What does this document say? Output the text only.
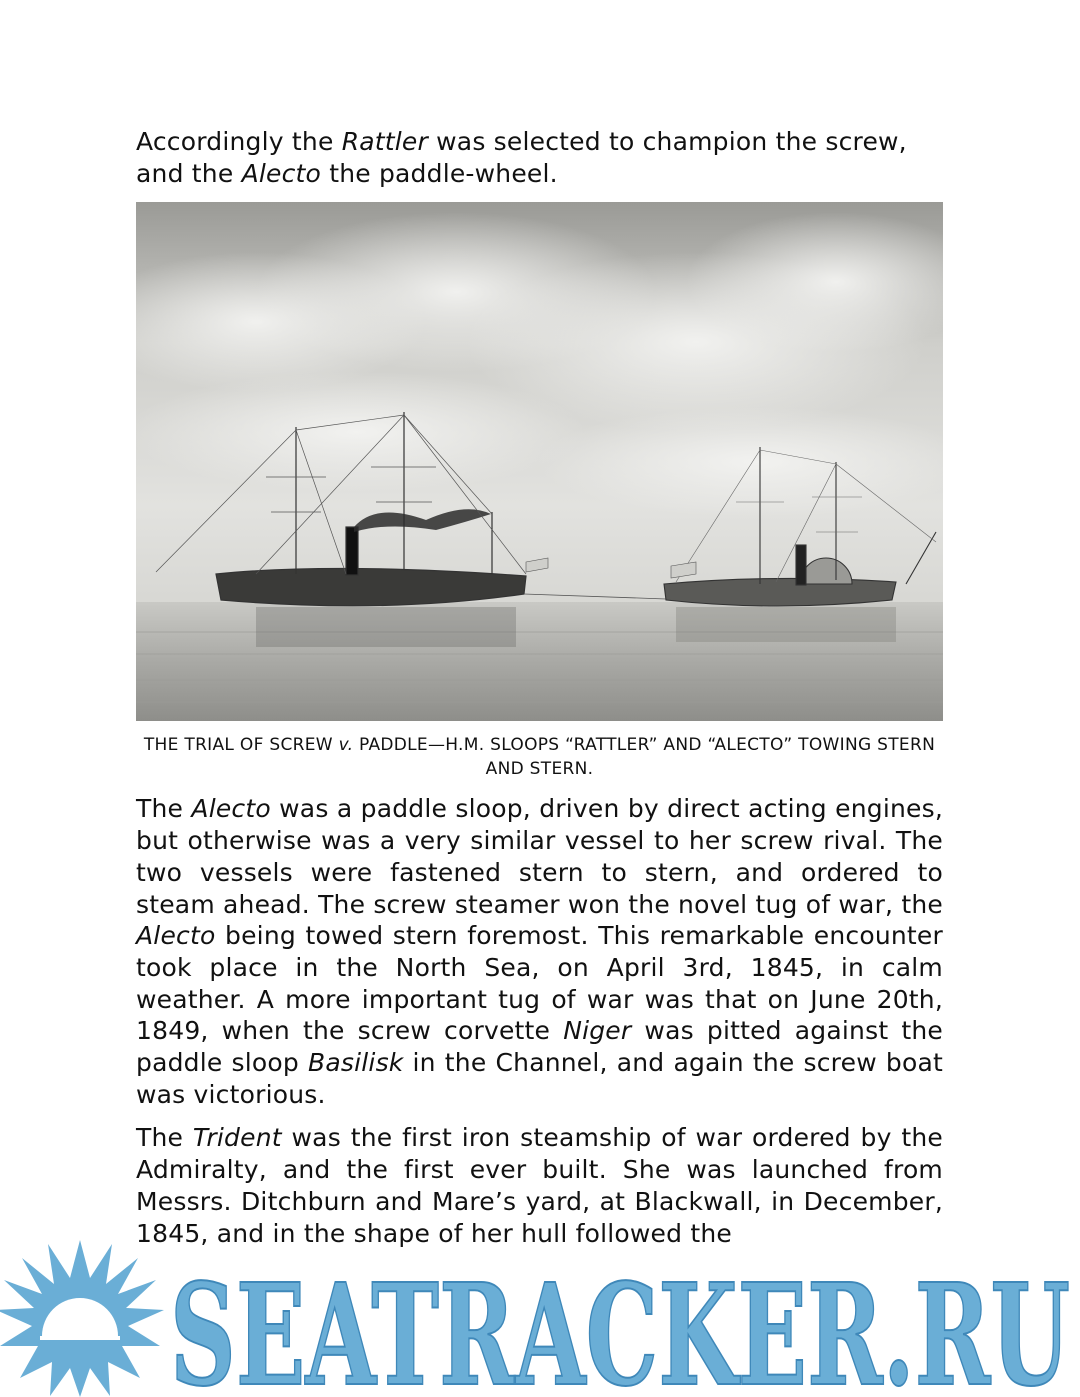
Accordingly the Rattler was selected to champion the screw, and the Alecto the paddle-wheel.

THE TRIAL OF SCREW v. PADDLE—H.M. SLOOPS “RATTLER” AND “ALECTO” TOWING STERN AND STERN.

The Alecto was a paddle sloop, driven by direct acting engines, but otherwise was a very similar vessel to her screw rival. The two vessels were fastened stern to stern, and ordered to steam ahead. The screw steamer won the novel tug of war, the Alecto being towed stern foremost. This remarkable encounter took place in the North Sea, on April 3rd, 1845, in calm weather. A more important tug of war was that on June 20th, 1849, when the screw corvette Niger was pitted against the paddle sloop Basilisk in the Channel, and again the screw boat was victorious.

The Trident was the first iron steamship of war ordered by the Admiralty, and the first ever built. She was launched from Messrs. Ditchburn and Mare’s yard, at Blackwall, in December, 1845, and in the shape of her hull followed the

SEATRACKER.RU
